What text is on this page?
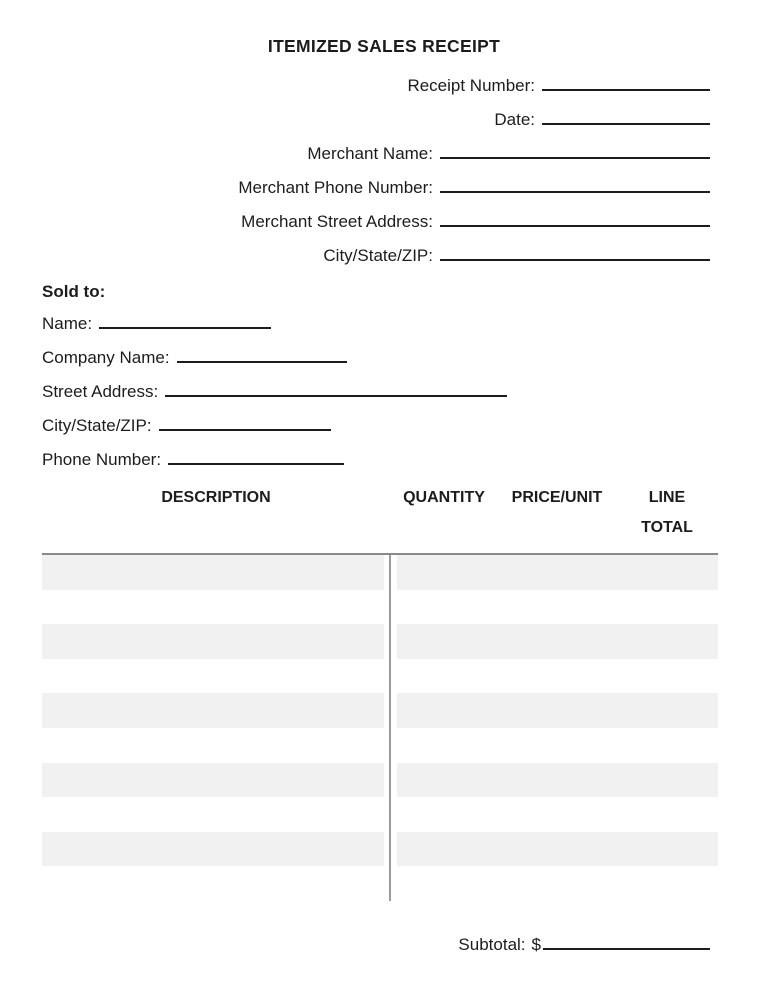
ITEMIZED SALES RECEIPT
Receipt Number:
Date:
Merchant Name:
Merchant Phone Number:
Merchant Street Address:
City/State/ZIP:
Sold to:
Name:
Company Name:
Street Address:
City/State/ZIP:
Phone Number:
DESCRIPTION	QUANTITY	PRICE/UNIT	LINE TOTAL
Subtotal: $
